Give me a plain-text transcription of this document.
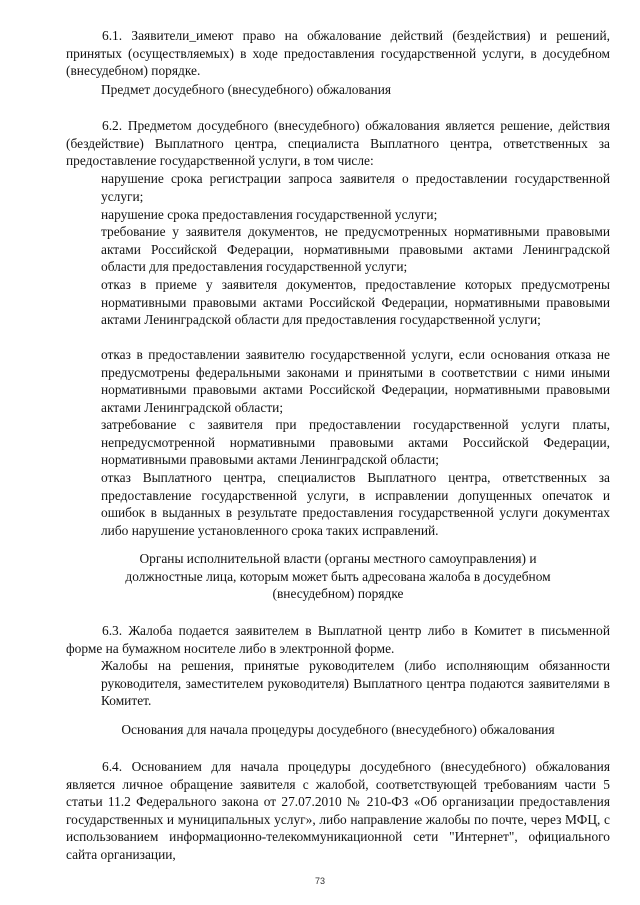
6.1. Заявители_имеют право на обжалование действий (бездействия) и решений, принятых (осуществляемых) в ходе предоставления государственной услуги, в досудебном (внесудебном) порядке.

Предмет досудебного (внесудебного) обжалования

6.2. Предметом досудебного (внесудебного) обжалования является решение, действия (бездействие) Выплатного центра, специалиста Выплатного центра, ответственных за предоставление государственной услуги, в том числе:

нарушение срока регистрации запроса заявителя о предоставлении государственной услуги;

нарушение срока предоставления государственной услуги;

требование у заявителя документов, не предусмотренных нормативными правовыми актами Российской Федерации, нормативными правовыми актами Ленинградской области для предоставления государственной услуги;

отказ в приеме у заявителя документов, предоставление которых предусмотрены нормативными правовыми актами Российской Федерации, нормативными правовыми актами Ленинградской области для предоставления государственной услуги;

отказ в предоставлении заявителю государственной услуги, если основания отказа не предусмотрены федеральными законами и принятыми в соответствии с ними иными нормативными правовыми актами Российской Федерации, нормативными правовыми актами Ленинградской области;

затребование с заявителя при предоставлении государственной услуги платы, непредусмотренной нормативными правовыми актами Российской Федерации, нормативными правовыми актами Ленинградской области;

отказ Выплатного центра, специалистов Выплатного центра, ответственных за предоставление государственной услуги, в исправлении допущенных опечаток и ошибок в выданных в результате предоставления государственной услуги документах либо нарушение установленного срока таких исправлений.

Органы исполнительной власти (органы местного самоуправления) и должностные лица, которым может быть адресована жалоба в досудебном (внесудебном) порядке

6.3. Жалоба подается заявителем в Выплатной центр либо в Комитет в письменной форме на бумажном носителе либо в электронной форме.

Жалобы на решения, принятые руководителем (либо исполняющим обязанности руководителя, заместителем руководителя) Выплатного центра подаются заявителями в Комитет.

Основания для начала процедуры досудебного (внесудебного) обжалования

6.4. Основанием для начала процедуры досудебного (внесудебного) обжалования является личное обращение заявителя с жалобой, соответствующей требованиям части 5 статьи 11.2 Федерального закона от 27.07.2010 № 210-ФЗ «Об организации предоставления государственных и муниципальных услуг», либо направление жалобы по почте, через МФЦ, с использованием информационно-телекоммуникационной сети "Интернет", официального сайта организации,

73
